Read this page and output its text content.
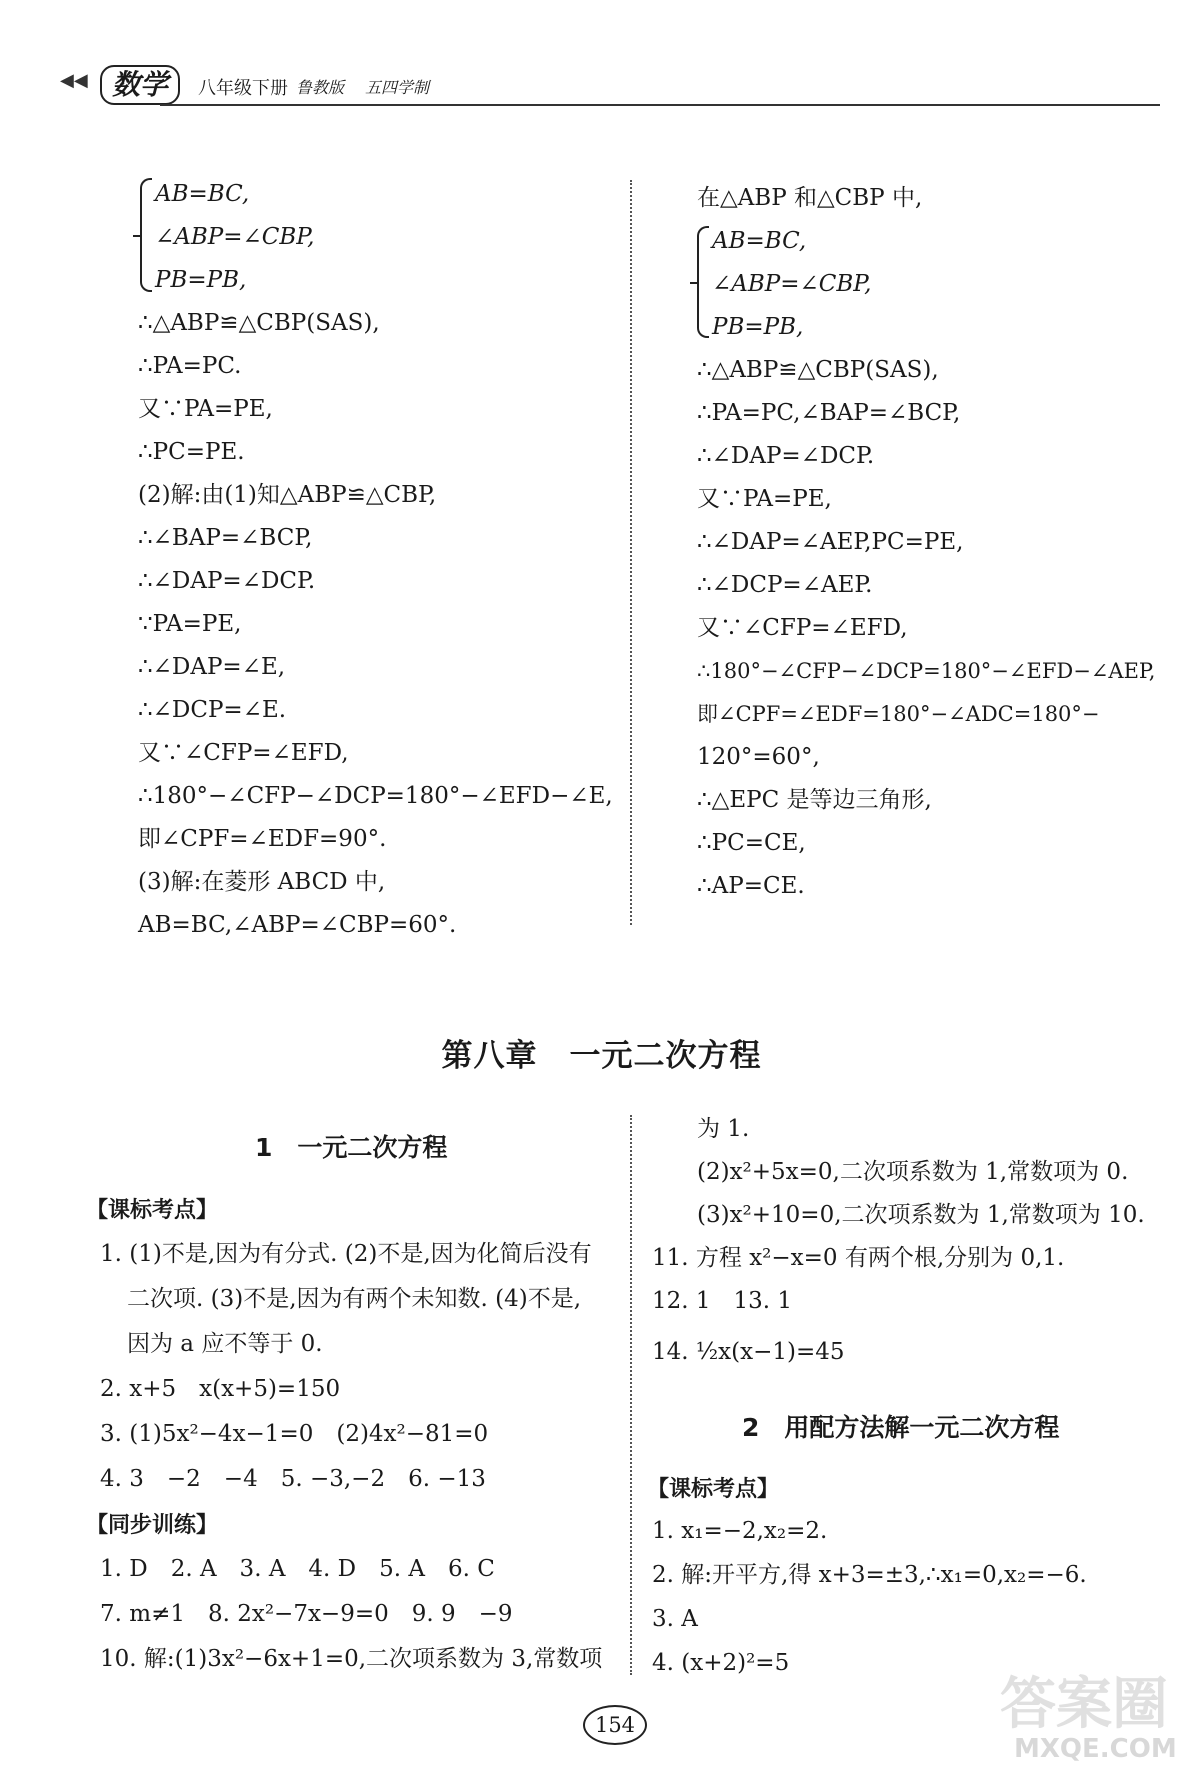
◀◀ 数学	八年级下册 鲁教版 五四学制
AB=BC,
∠ABP=∠CBP,
PB=PB,
∴△ABP≌△CBP(SAS),
∴PA=PC.
又∵PA=PE,
∴PC=PE.
(2)解:由(1)知△ABP≌△CBP,
∴∠BAP=∠BCP,
∴∠DAP=∠DCP.
∵PA=PE,
∴∠DAP=∠E,
∴∠DCP=∠E.
又∵∠CFP=∠EFD,
∴180°−∠CFP−∠DCP=180°−∠EFD−∠E,
即∠CPF=∠EDF=90°.
(3)解:在菱形 ABCD 中,
AB=BC,∠ABP=∠CBP=60°.
在△ABP 和△CBP 中,
AB=BC,
∠ABP=∠CBP,
PB=PB,
∴△ABP≌△CBP(SAS),
∴PA=PC,∠BAP=∠BCP,
∴∠DAP=∠DCP.
又∵PA=PE,
∴∠DAP=∠AEP,PC=PE,
∴∠DCP=∠AEP.
又∵∠CFP=∠EFD,
∴180°−∠CFP−∠DCP=180°−∠EFD−∠AEP,
即∠CPF=∠EDF=180°−∠ADC=180°−
120°=60°,
∴△EPC 是等边三角形,
∴PC=CE,
∴AP=CE.
第八章　一元二次方程
1　一元二次方程
【课标考点】
1. (1)不是,因为有分式. (2)不是,因为化简后没有
二次项. (3)不是,因为有两个未知数. (4)不是,
因为 a 应不等于 0.
2. x+5　x(x+5)=150
3. (1)5x²−4x−1=0　(2)4x²−81=0
4. 3　−2　−4　5. −3,−2　6. −13
【同步训练】
1. D　2. A　3. A　4. D　5. A　6. C
7. m≠1　8. 2x²−7x−9=0　9. 9　−9
10. 解:(1)3x²−6x+1=0,二次项系数为 3,常数项
为 1.
(2)x²+5x=0,二次项系数为 1,常数项为 0.
(3)x²+10=0,二次项系数为 1,常数项为 10.
11. 方程 x²−x=0 有两个根,分别为 0,1.
12. 1　13. 1
14. ½x(x−1)=45
2　用配方法解一元二次方程
【课标考点】
1. x₁=−2,x₂=2.
2. 解:开平方,得 x+3=±3,∴x₁=0,x₂=−6.
3. A
4. (x+2)²=5
154	答案圈
MXQE.COM
